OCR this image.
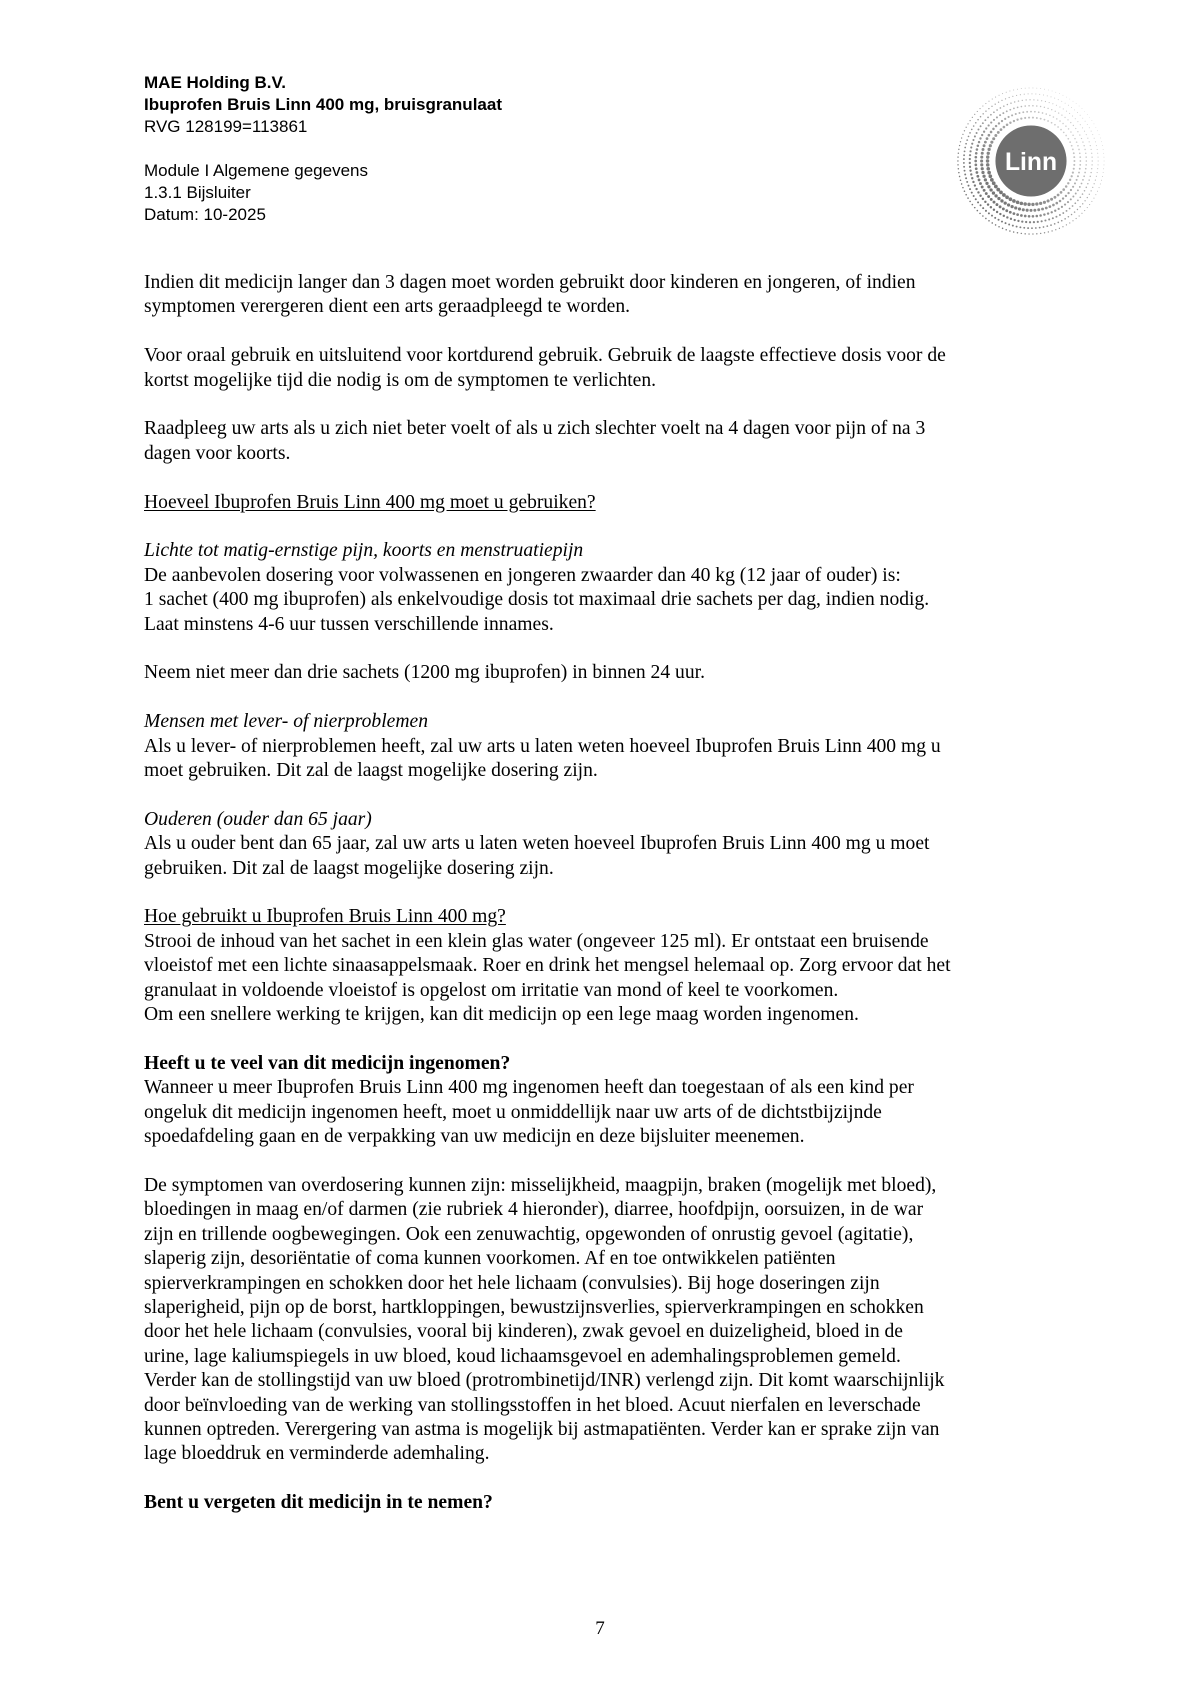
MAE Holding B.V.
Ibuprofen Bruis Linn 400 mg, bruisgranulaat
RVG 128199=113861
Module I Algemene gegevens
1.3.1 Bijsluiter
Datum: 10-2025
Linn

Indien dit medicijn langer dan 3 dagen moet worden gebruikt door kinderen en jongeren, of indien
symptomen verergeren dient een arts geraadpleegd te worden.

Voor oraal gebruik en uitsluitend voor kortdurend gebruik. Gebruik de laagste effectieve dosis voor de
kortst mogelijke tijd die nodig is om de symptomen te verlichten.

Raadpleeg uw arts als u zich niet beter voelt of als u zich slechter voelt na 4 dagen voor pijn of na 3
dagen voor koorts.

Hoeveel Ibuprofen Bruis Linn 400 mg moet u gebruiken?

Lichte tot matig-ernstige pijn, koorts en menstruatiepijn

De aanbevolen dosering voor volwassenen en jongeren zwaarder dan 40 kg (12 jaar of ouder) is:
1 sachet (400 mg ibuprofen) als enkelvoudige dosis tot maximaal drie sachets per dag, indien nodig.
Laat minstens 4-6 uur tussen verschillende innames.

Neem niet meer dan drie sachets (1200 mg ibuprofen) in binnen 24 uur.

Mensen met lever- of nierproblemen

Als u lever- of nierproblemen heeft, zal uw arts u laten weten hoeveel Ibuprofen Bruis Linn 400 mg u
moet gebruiken. Dit zal de laagst mogelijke dosering zijn.

Ouderen (ouder dan 65 jaar)

Als u ouder bent dan 65 jaar, zal uw arts u laten weten hoeveel Ibuprofen Bruis Linn 400 mg u moet
gebruiken. Dit zal de laagst mogelijke dosering zijn.

Hoe gebruikt u Ibuprofen Bruis Linn 400 mg?

Strooi de inhoud van het sachet in een klein glas water (ongeveer 125 ml). Er ontstaat een bruisende
vloeistof met een lichte sinaasappelsmaak. Roer en drink het mengsel helemaal op. Zorg ervoor dat het
granulaat in voldoende vloeistof is opgelost om irritatie van mond of keel te voorkomen.
Om een snellere werking te krijgen, kan dit medicijn op een lege maag worden ingenomen.

Heeft u te veel van dit medicijn ingenomen?

Wanneer u meer Ibuprofen Bruis Linn 400 mg ingenomen heeft dan toegestaan of als een kind per
ongeluk dit medicijn ingenomen heeft, moet u onmiddellijk naar uw arts of de dichtstbijzijnde
spoedafdeling gaan en de verpakking van uw medicijn en deze bijsluiter meenemen.

De symptomen van overdosering kunnen zijn: misselijkheid, maagpijn, braken (mogelijk met bloed),
bloedingen in maag en/of darmen (zie rubriek 4 hieronder), diarree, hoofdpijn, oorsuizen, in de war
zijn en trillende oogbewegingen. Ook een zenuwachtig, opgewonden of onrustig gevoel (agitatie),
slaperig zijn, desoriëntatie of coma kunnen voorkomen. Af en toe ontwikkelen patiënten
spierverkrampingen en schokken door het hele lichaam (convulsies). Bij hoge doseringen zijn
slaperigheid, pijn op de borst, hartkloppingen, bewustzijnsverlies, spierverkrampingen en schokken
door het hele lichaam (convulsies, vooral bij kinderen), zwak gevoel en duizeligheid, bloed in de
urine, lage kaliumspiegels in uw bloed, koud lichaamsgevoel en ademhalingsproblemen gemeld.
Verder kan de stollingstijd van uw bloed (protrombinetijd/INR) verlengd zijn. Dit komt waarschijnlijk
door beïnvloeding van de werking van stollingsstoffen in het bloed. Acuut nierfalen en leverschade
kunnen optreden. Verergering van astma is mogelijk bij astmapatiënten. Verder kan er sprake zijn van
lage bloeddruk en verminderde ademhaling.

Bent u vergeten dit medicijn in te nemen?

7
